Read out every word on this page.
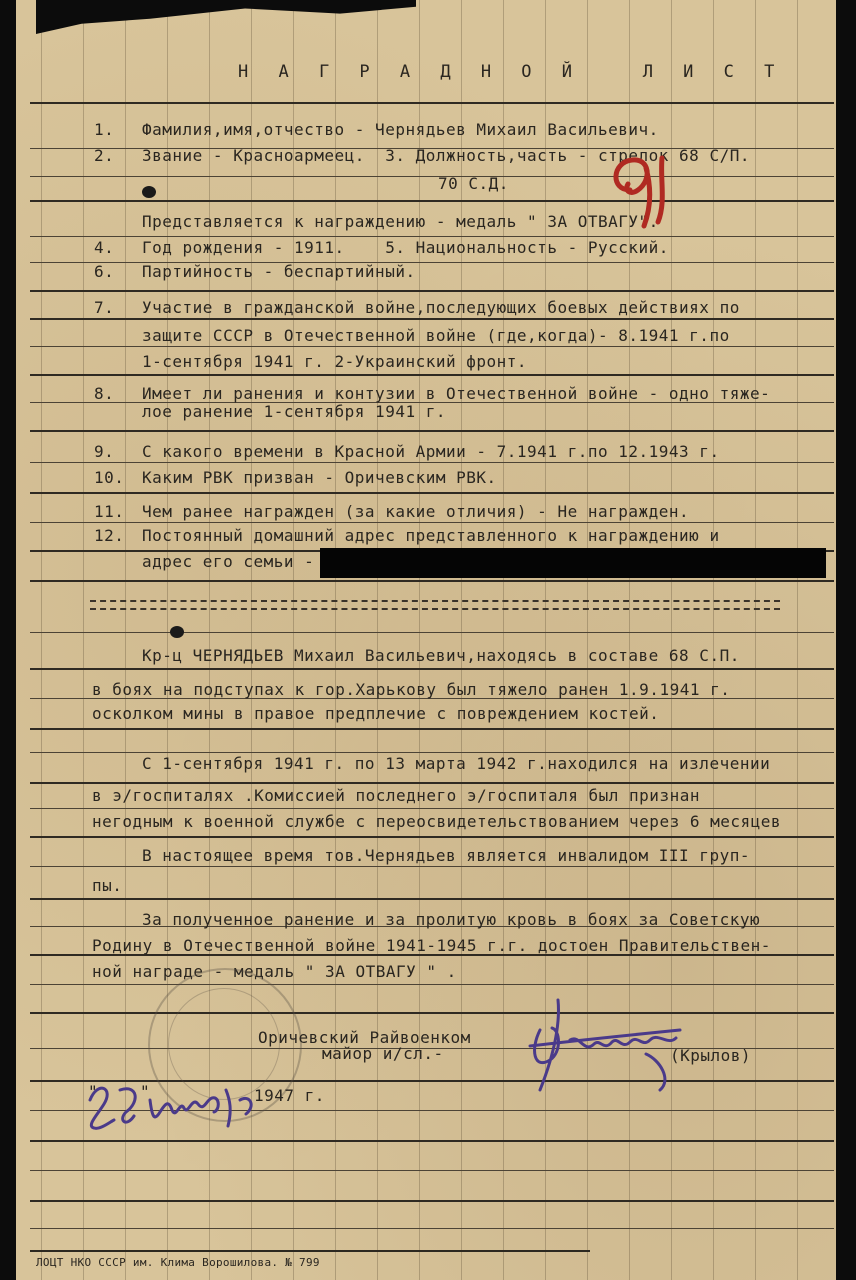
Н А Г Р А Д Н О Й   Л И С Т
1. Фамилия,имя,отчество - Чернядьев Михаил Васильевич.
2. Звание - Красноармеец.  3. Должность,часть - стрелок 68 С/П.
70 С.Д.
Представляется к награждению - медаль " ЗА ОТВАГУ".
4. Год рождения - 1911.    5. Национальность - Русский.
6. Партийность - беспартийный.
7. Участие в гражданской войне,последующих боевых действиях по
защите СССР в Отечественной войне (где,когда)- 8.1941 г.по
1-сентября 1941 г. 2-Украинский фронт.
8. Имеет ли ранения и контузии в Отечественной войне - одно тяже-
лое ранение 1-сентября 1941 г.
9. С какого времени в Красной Армии - 7.1941 г.по 12.1943 г.
10. Каким РВК призван - Оричевским РВК.
11. Чем ранее награжден (за какие отличия) - Не награжден.
12. Постоянный домашний адрес представленного к награждению и
адрес его семьи -
Кр-ц ЧЕРНЯДЬЕВ Михаил Васильевич,находясь в составе 68 С.П.
в боях на подступах к гор.Харькову был тяжело ранен 1.9.1941 г.
осколком мины в правое предплечие с повреждением костей.
С 1-сентября 1941 г. по 13 марта 1942 г.находился на излечении
в э/госпиталях .Комиссией последнего э/госпиталя был признан
негодным к военной службе с переосвидетельствованием через 6 месяцев
В настоящее время тов.Чернядьев является инвалидом III груп-
пы.
За полученное ранение и за пролитую кровь в боях за Советскую
Родину в Отечественной войне 1941-1945 г.г. достоен Правительствен-
ной награде - медаль " ЗА ОТВАГУ " .
Оричевский Райвоенком
майор и/сл.-	(Крылов)
"	"	1947 г.
ЛОЦТ НКО СССР им. Клима Ворошилова. № 799
